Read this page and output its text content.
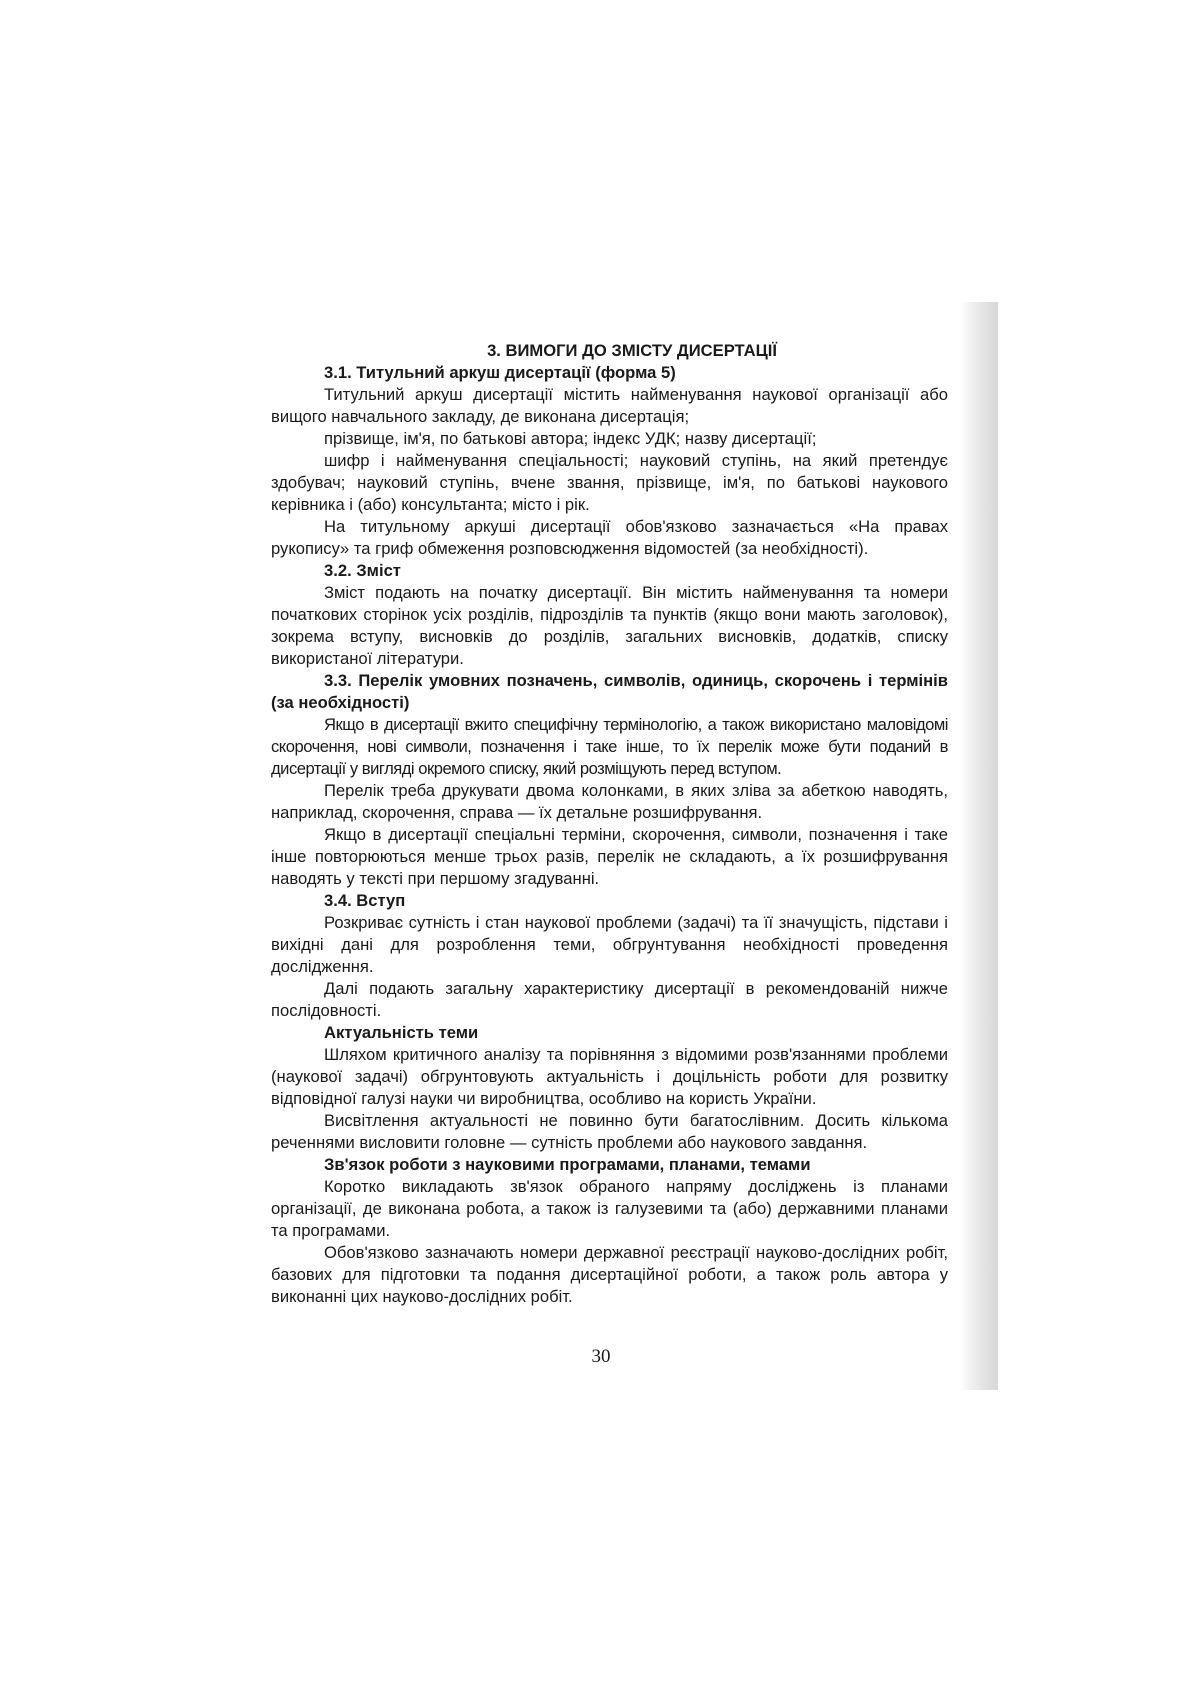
3. ВИМОГИ ДО ЗМІСТУ ДИСЕРТАЦІЇ

3.1. Титульний аркуш дисертації (форма 5)

Титульний аркуш дисертації містить найменування наукової організації або вищого навчального закладу, де виконана дисертація;

прізвище, ім'я, по батькові автора; індекс УДК; назву дисертації;

шифр і найменування спеціальності; науковий ступінь, на який претендує здобувач; науковий ступінь, вчене звання, прізвище, ім'я, по батькові наукового керівника і (або) консультанта; місто і рік.

На титульному аркуші дисертації обов'язково зазначається «На правах рукопису» та гриф обмеження розповсюдження відомостей (за необхідності).

3.2. Зміст

Зміст подають на початку дисертації. Він містить найменування та номери початкових сторінок усіх розділів, підрозділів та пунктів (якщо вони мають заголовок), зокрема вступу, висновків до розділів, загальних висновків, додатків, списку використаної літератури.

3.3. Перелік умовних позначень, символів, одиниць, скорочень і термінів (за необхідності)

Якщо в дисертації вжито специфічну термінологію, а також використано маловідомі скорочення, нові символи, позначення і таке інше, то їх перелік може бути поданий в дисертації у вигляді окремого списку, який розміщують перед вступом.

Перелік треба друкувати двома колонками, в яких зліва за абеткою наводять, наприклад, скорочення, справа — їх детальне розшифрування.

Якщо в дисертації спеціальні терміни, скорочення, символи, позначення і таке інше повторюються менше трьох разів, перелік не складають, а їх розшифрування наводять у тексті при першому згадуванні.

3.4. Вступ

Розкриває сутність і стан наукової проблеми (задачі) та її значущість, підстави і вихідні дані для розроблення теми, обгрунтування необхідності проведення дослідження.

Далі подають загальну характеристику дисертації в рекомендованій нижче послідовності.

Актуальність теми

Шляхом критичного аналізу та порівняння з відомими розв'язаннями проблеми (наукової задачі) обгрунтовують актуальність і доцільність роботи для розвитку відповідної галузі науки чи виробництва, особливо на користь України.

Висвітлення актуальності не повинно бути багатослівним. Досить кількома реченнями висловити головне — сутність проблеми або наукового завдання.

Зв'язок роботи з науковими програмами, планами, темами

Коротко викладають зв'язок обраного напряму досліджень із планами організації, де виконана робота, а також із галузевими та (або) державними планами та програмами.

Обов'язково зазначають номери державної реєстрації науково-дослідних робіт, базових для підготовки та подання дисертаційної роботи, а також роль автора у виконанні цих науково-дослідних робіт.

30
